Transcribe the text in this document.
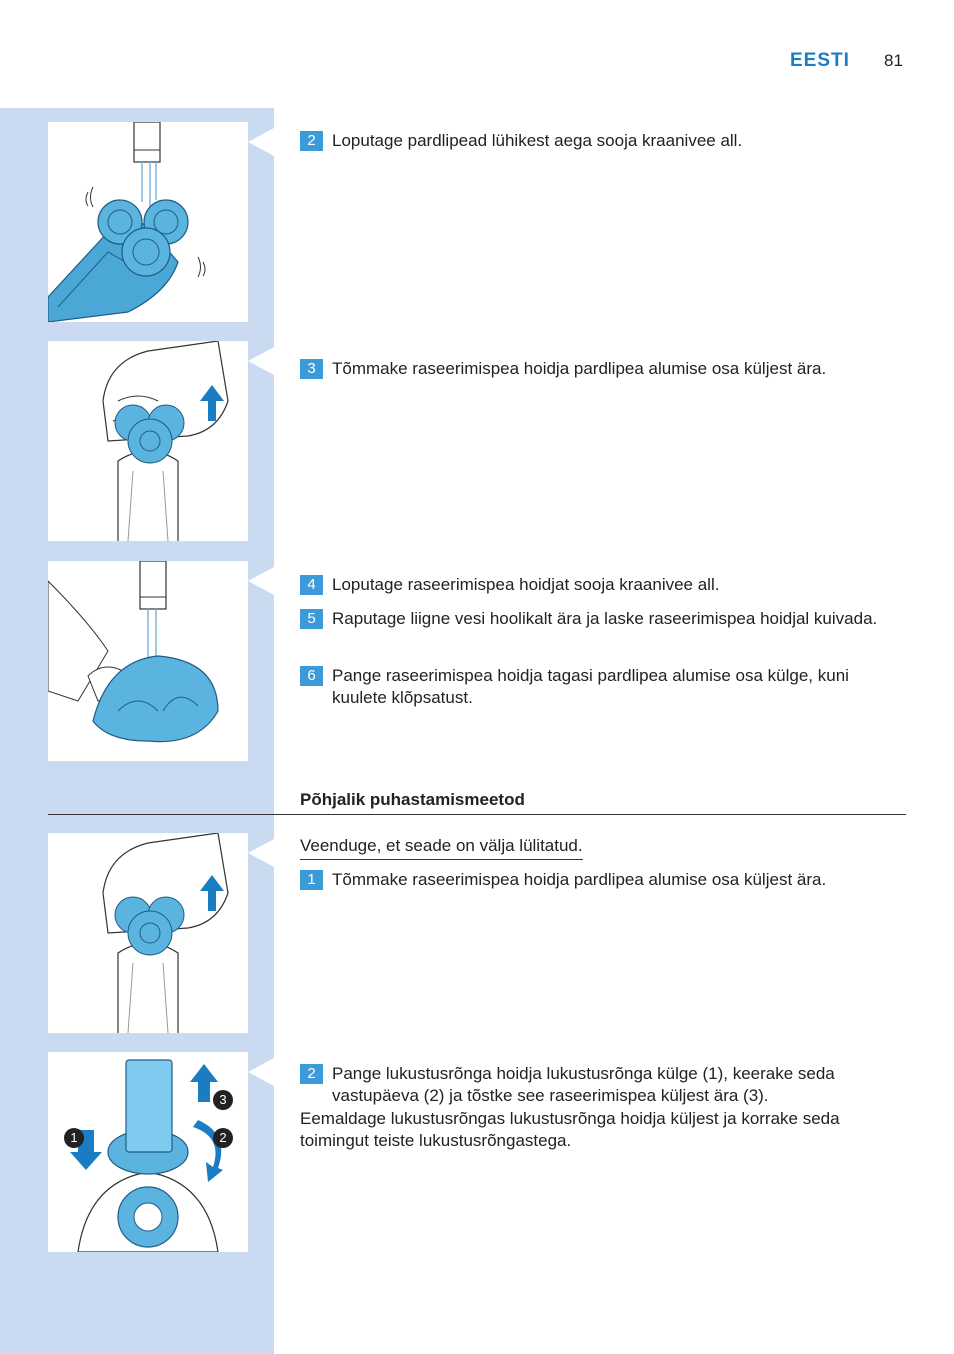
EESTI 81
1	2
3
2 Loputage pardlipead lühikest aega sooja kraanivee all.
3 Tõmmake raseerimispea hoidja pardlipea alumise osa küljest ära.
4 Loputage raseerimispea hoidjat sooja kraanivee all.
5 Raputage liigne vesi hoolikalt ära ja laske raseerimispea hoidjal kuivada.
6 Pange raseerimispea hoidja tagasi pardlipea alumise osa külge, kuni kuulete klõpsatust.
Põhjalik puhastamismeetod
Veenduge, et seade on välja lülitatud.
1 Tõmmake raseerimispea hoidja pardlipea alumise osa küljest ära.
2 Pange lukustusrõnga hoidja lukustusrõnga külge (1), keerake seda vastupäeva (2) ja tõstke see raseerimispea küljest ära (3).
Eemaldage lukustusrõngas lukustusrõnga hoidja küljest ja korrake seda toimingut teiste lukustusrõngastega.
